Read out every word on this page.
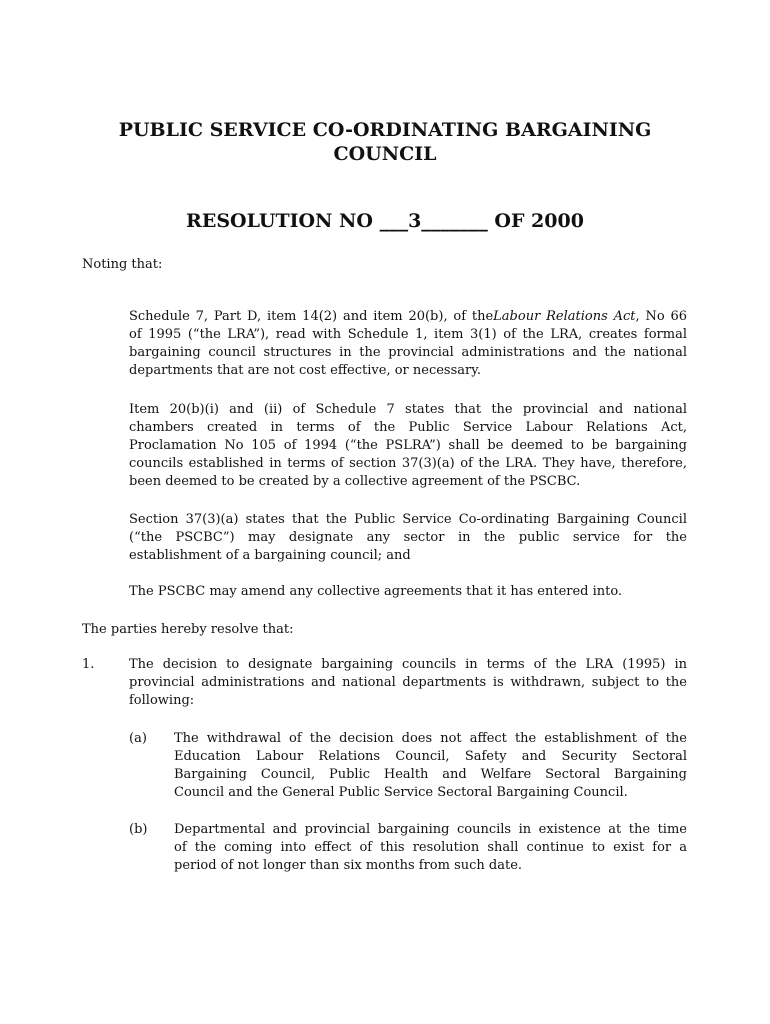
PUBLIC SERVICE CO-ORDINATING BARGAINING
COUNCIL
RESOLUTION NO ___3_______ OF 2000
Noting that:
Schedule 7, Part D, item 14(2) and item 20(b), of theLabour Relations Act, No 66
of 1995 (“the LRA”), read with Schedule 1, item 3(1) of the LRA, creates formal
bargaining council structures in the provincial administrations and the national
departments that are not cost effective, or necessary.
Item 20(b)(i) and (ii) of Schedule 7 states that the provincial and national
chambers created in terms of the Public Service Labour Relations Act,
Proclamation No 105 of 1994 (“the PSLRA”) shall be deemed to be bargaining
councils established in terms of section 37(3)(a) of the LRA. They have, therefore,
been deemed to be created by a collective agreement of the PSCBC.
Section 37(3)(a) states that the Public Service Co-ordinating Bargaining Council
(“the PSCBC”) may designate any sector in the public service for the
establishment of a bargaining council; and
The PSCBC may amend any collective agreements that it has entered into.
The parties hereby resolve that:
1.	The decision to designate bargaining councils in terms of the LRA (1995) in
provincial administrations and national departments is withdrawn, subject to the
following:
(a) The withdrawal of the decision does not affect the establishment of the
Education Labour Relations Council, Safety and Security Sectoral
Bargaining Council, Public Health and Welfare Sectoral Bargaining
Council and the General Public Service Sectoral Bargaining Council.
(b) Departmental and provincial bargaining councils in existence at the time
of the coming into effect of this resolution shall continue to exist for a
period of not longer than six months from such date.
